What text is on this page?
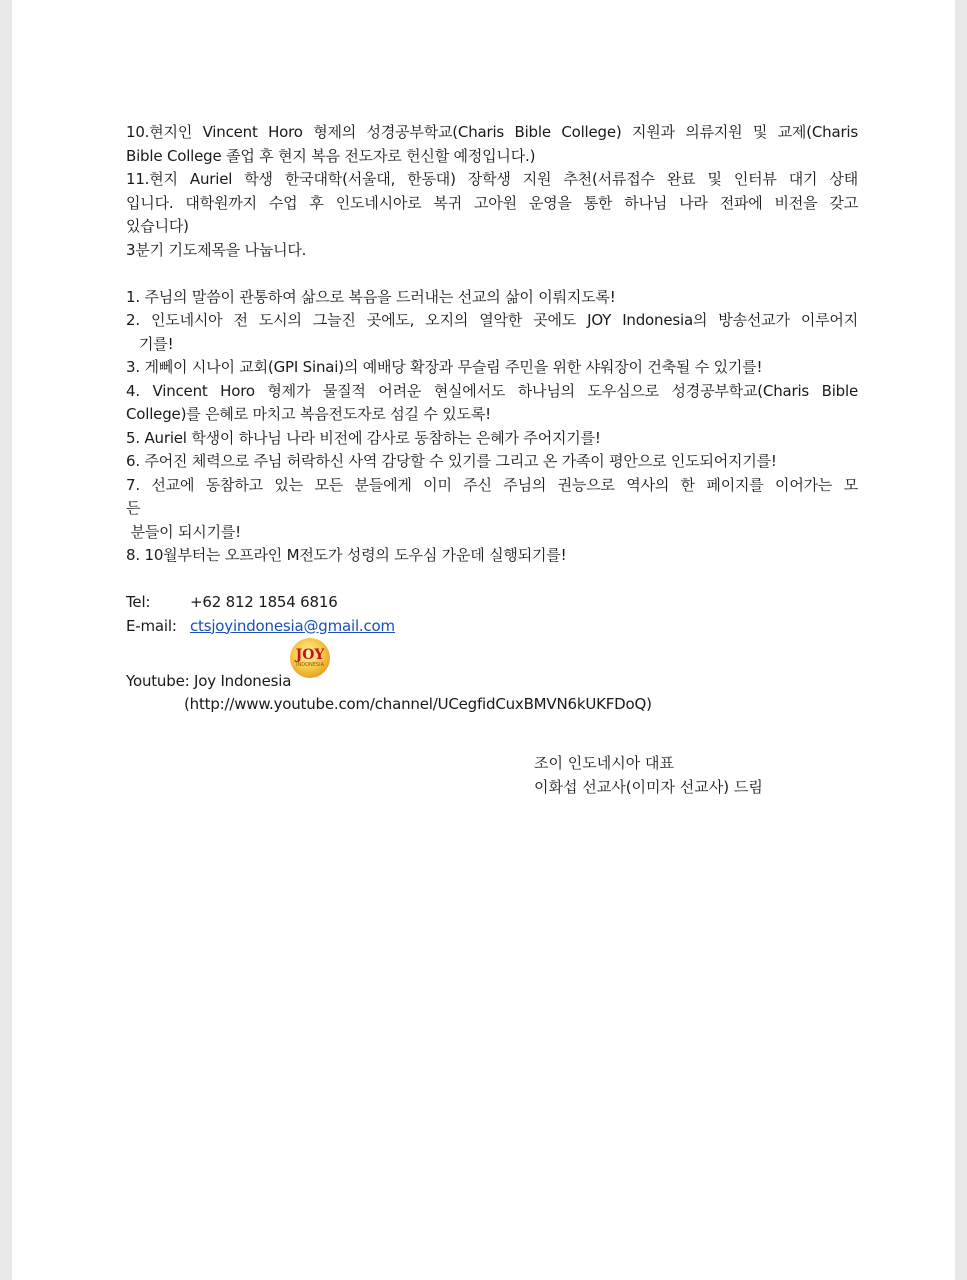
10.현지인 Vincent Horo 형제의 성경공부학교(Charis Bible College) 지원과 의류지원 및 교제(Charis
Bible College 졸업 후 현지 복음 전도자로 헌신할 예정입니다.)
11.현지 Auriel 학생 한국대학(서울대, 한동대) 장학생 지원 추천(서류접수 완료 및 인터뷰 대기 상태
입니다. 대학원까지 수업 후 인도네시아로 복귀 고아원 운영을 통한 하나님 나라 전파에 비전을 갖고
있습니다)
3분기 기도제목을 나눕니다.
1. 주님의 말씀이 관통하여 삶으로 복음을 드러내는 선교의 삶이 이뤄지도록!
2. 인도네시아 전 도시의 그늘진 곳에도, 오지의 열악한 곳에도 JOY Indonesia의 방송선교가 이루어지
기를!
3. 게뻬이 시나이 교회(GPI Sinai)의 예배당 확장과 무슬림 주민을 위한 샤워장이 건축될 수 있기를!
4. Vincent Horo 형제가 물질적 어려운 현실에서도 하나님의 도우심으로 성경공부학교(Charis Bible
College)를 은혜로 마치고 복음전도자로 섬길 수 있도록!
5. Auriel 학생이 하나님 나라 비전에 감사로 동참하는 은혜가 주어지기를!
6. 주어진 체력으로 주님 허락하신 사역 감당할 수 있기를 그리고 온 가족이 평안으로 인도되어지기를!
7. 선교에 동참하고 있는 모든 분들에게 이미 주신 주님의 권능으로 역사의 한 페이지를 이어가는 모
든
분들이 되시기를!
8. 10월부터는 오프라인 M전도가 성령의 도우심 가운데 실행되기를!
Tel:	+62 812 1854 6816
E-mail: ctsjoyindonesia@gmail.com
Youtube: Joy Indonesia
JOY
INDONESIA
(http://www.youtube.com/channel/UCegfidCuxBMVN6kUKFDoQ)
조이 인도네시아 대표
이화섭 선교사(이미자 선교사) 드림
